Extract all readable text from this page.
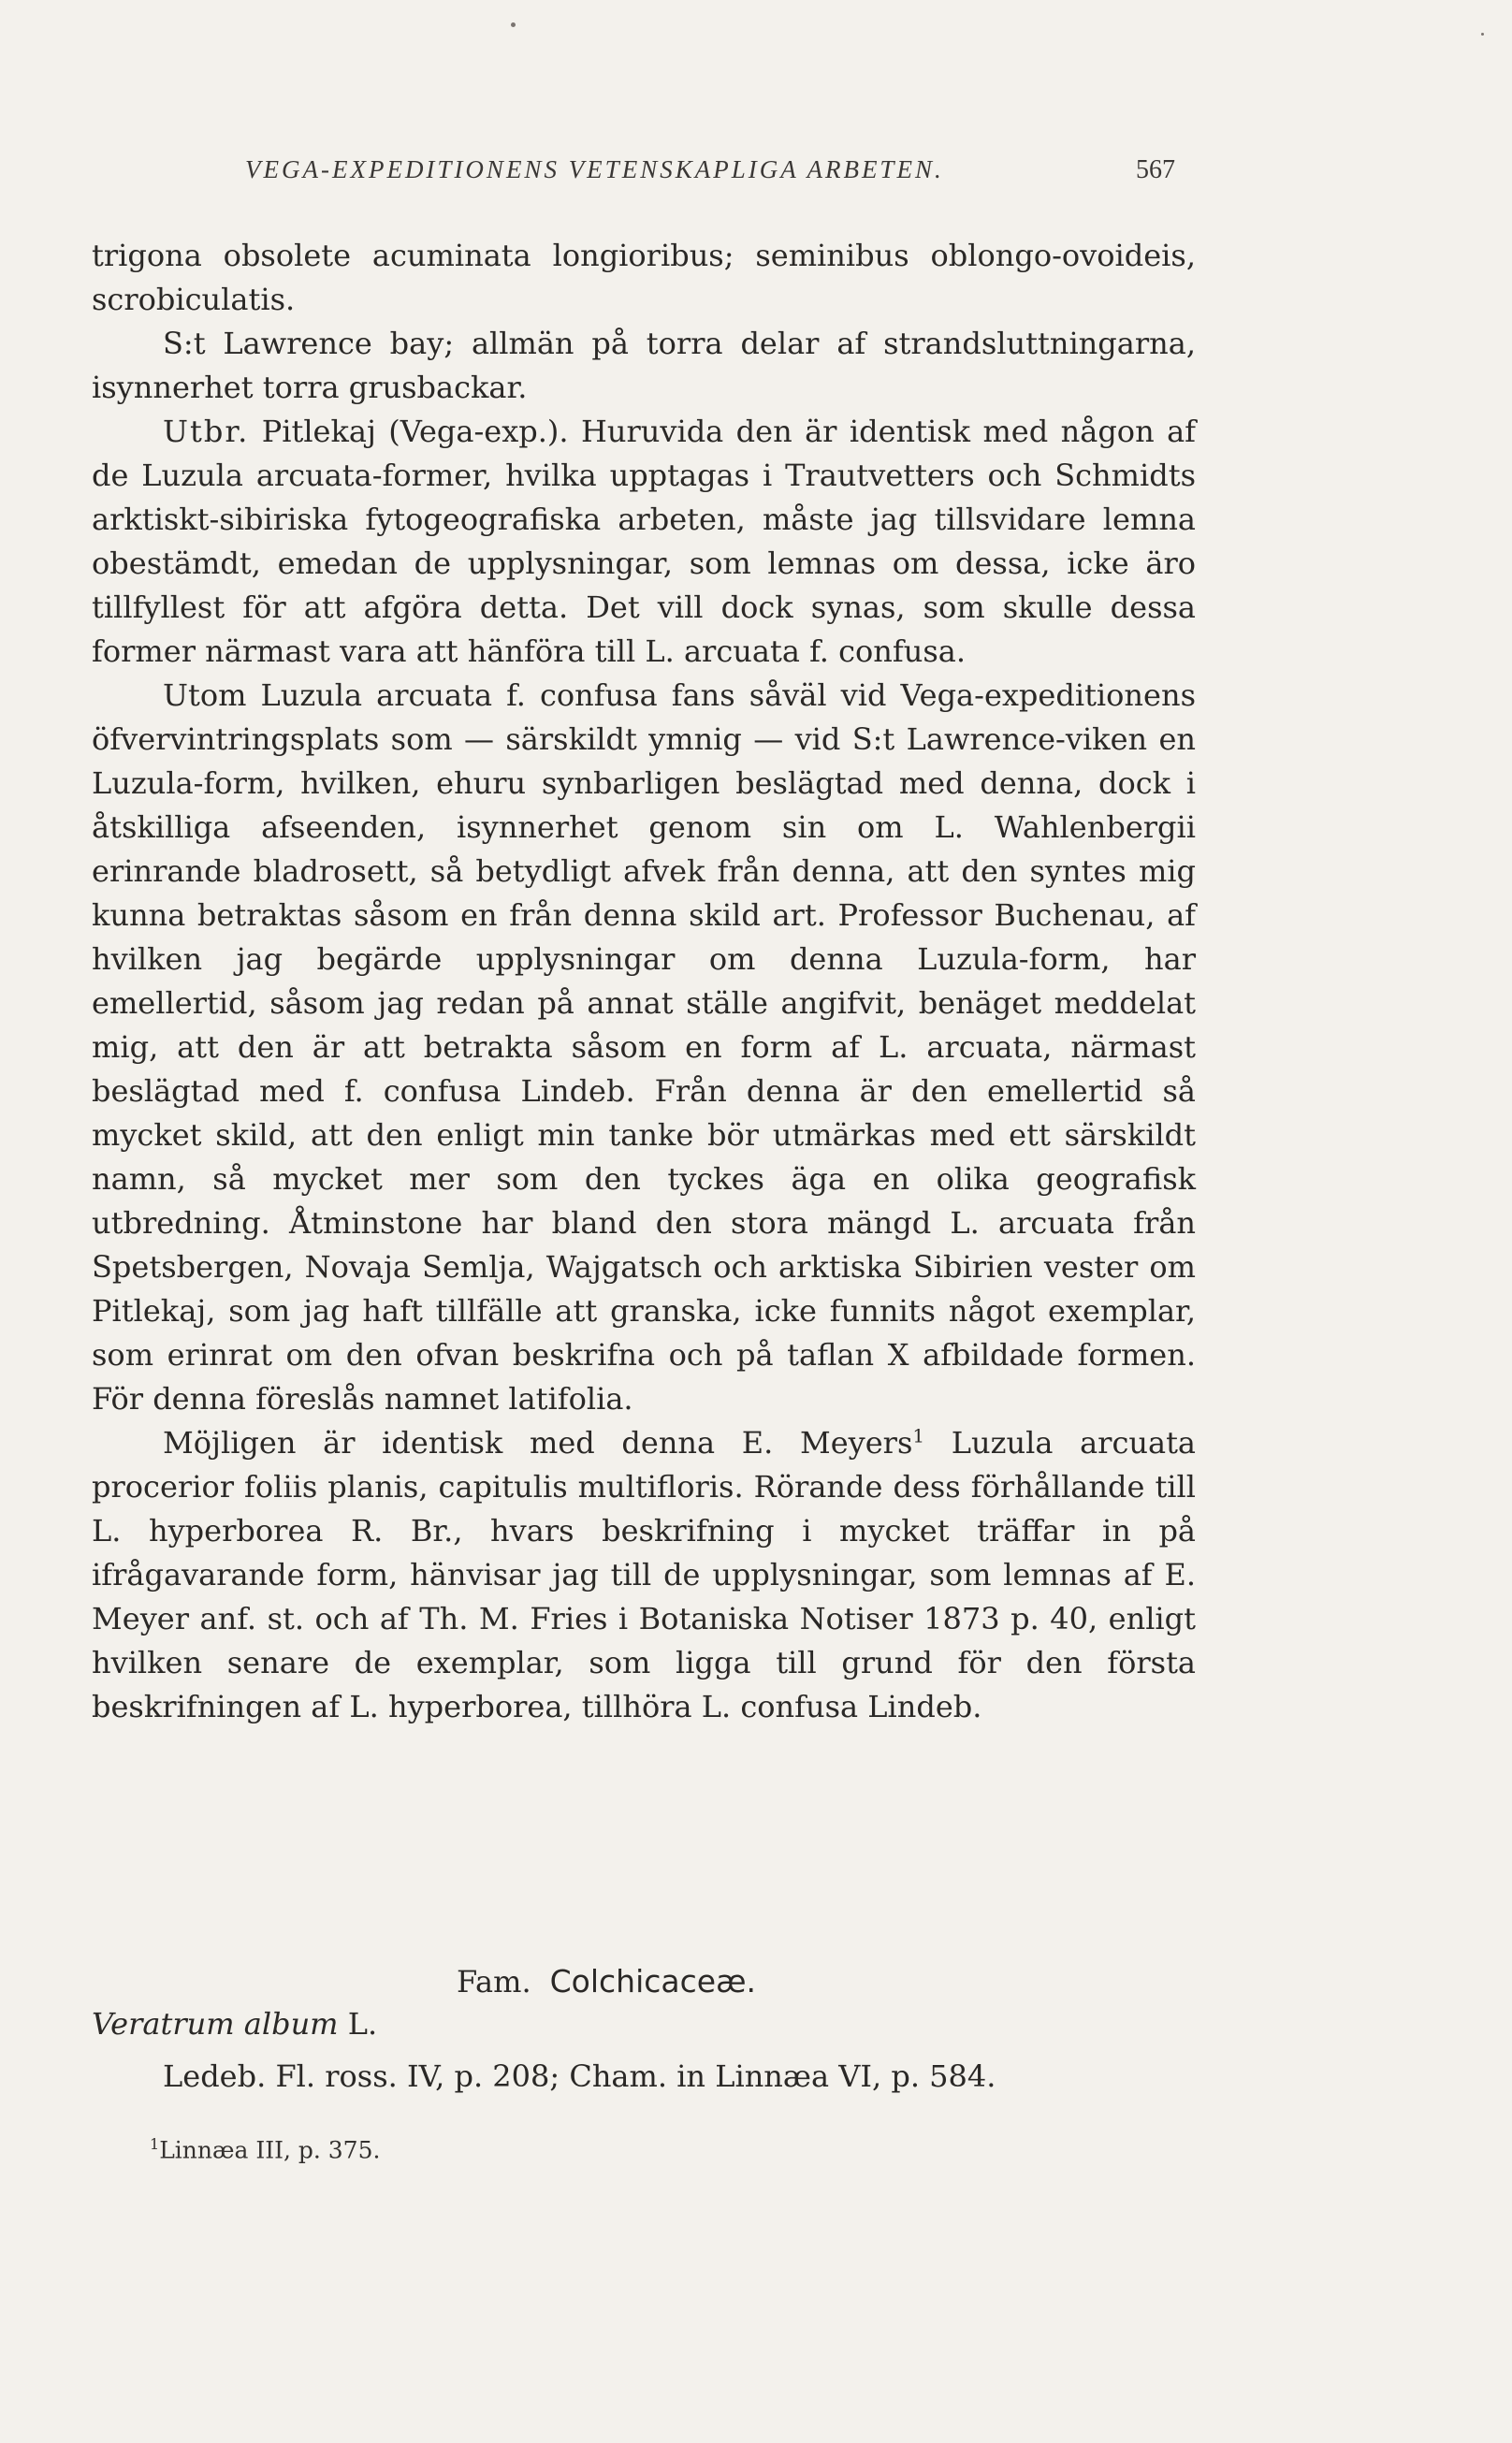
VEGA-EXPEDITIONENS VETENSKAPLIGA ARBETEN.	567

trigona obsolete acuminata longioribus; seminibus oblongo-ovoideis, scrobiculatis.

S:t Lawrence bay; allmän på torra delar af strandsluttningarna, isynnerhet torra grusbackar.

Utbr. Pitlekaj (Vega-exp.). Huruvida den är identisk med någon af de Luzula arcuata-former, hvilka upptagas i Trautvetters och Schmidts arktiskt-sibiriska fytogeografiska arbeten, måste jag tillsvidare lemna obestämdt, emedan de upplysningar, som lemnas om dessa, icke äro tillfyllest för att afgöra detta. Det vill dock synas, som skulle dessa former närmast vara att hänföra till L. arcuata f. confusa.

Utom Luzula arcuata f. confusa fans såväl vid Vega-expeditionens öfvervintringsplats som — särskildt ymnig — vid S:t Lawrence-viken en Luzula-form, hvilken, ehuru synbarligen beslägtad med denna, dock i åtskilliga afseenden, isynnerhet genom sin om L. Wahlenbergii erinrande bladrosett, så betydligt afvek från denna, att den syntes mig kunna betraktas såsom en från denna skild art. Professor Buchenau, af hvilken jag begärde upplysningar om denna Luzula-form, har emellertid, såsom jag redan på annat ställe angifvit, benäget meddelat mig, att den är att betrakta såsom en form af L. arcuata, närmast beslägtad med f. confusa Lindeb. Från denna är den emellertid så mycket skild, att den enligt min tanke bör utmärkas med ett särskildt namn, så mycket mer som den tyckes äga en olika geografisk utbredning. Åtminstone har bland den stora mängd L. arcuata från Spetsbergen, Novaja Semlja, Wajgatsch och arktiska Sibirien vester om Pitlekaj, som jag haft tillfälle att granska, icke funnits något exemplar, som erinrat om den ofvan beskrifna och på taflan X afbildade formen. För denna föreslås namnet latifolia.

Möjligen är identisk med denna E. Meyers$^1$ Luzula arcuata procerior foliis planis, capitulis multifloris. Rörande dess förhållande till L. hyperborea R. Br., hvars beskrifning i mycket träffar in på ifrågavarande form, hänvisar jag till de upplysningar, som lemnas af E. Meyer anf. st. och af Th. M. Fries i Botaniska Notiser 1873 p. 40, enligt hvilken senare de exemplar, som ligga till grund för den första beskrifningen af L. hyperborea, tillhöra L. confusa Lindeb.

Fam. Colchicaceæ.
Veratrum album L.
Ledeb. Fl. ross. IV, p. 208; Cham. in Linnæa VI, p. 584.
$^1$Linnæa III, p. 375.
